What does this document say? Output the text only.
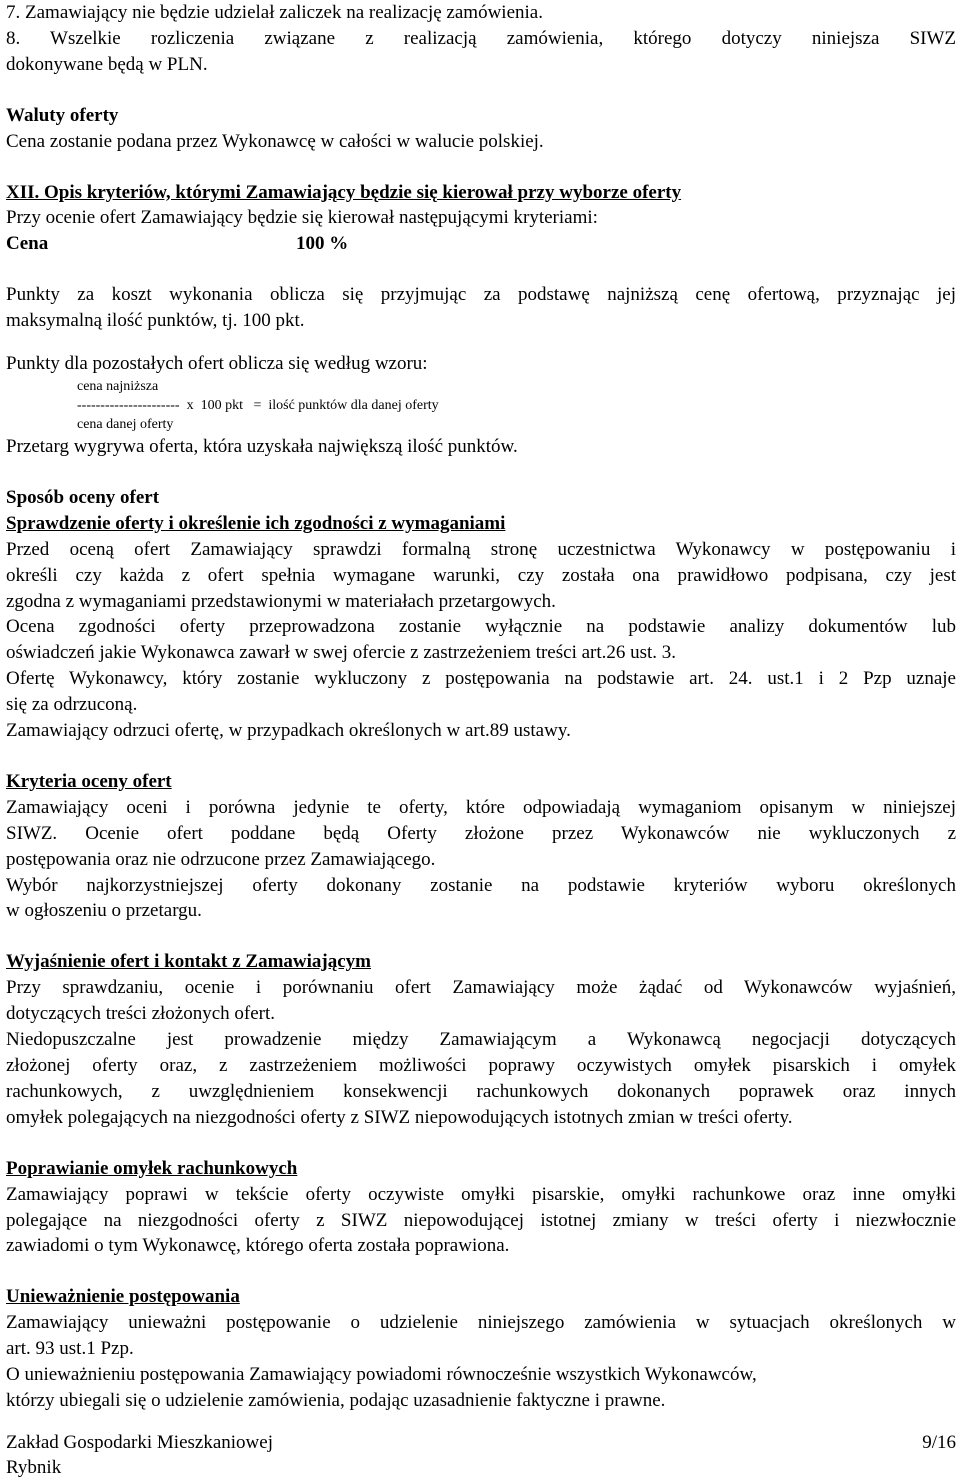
7. Zamawiający nie będzie udzielał zaliczek na realizację zamówienia.

8. Wszelkie rozliczenia związane z realizacją zamówienia, którego dotyczy niniejsza SIWZ

dokonywane będą w PLN.

Waluty oferty

Cena zostanie podana przez Wykonawcę w całości w walucie polskiej.

XII. Opis kryteriów, którymi Zamawiający będzie się kierował przy wyborze oferty

Przy ocenie ofert Zamawiający będzie się kierował następującymi kryteriami:

Cena	100 %

Punkty za koszt wykonania oblicza się przyjmując za podstawę najniższą cenę ofertową, przyznając jej

maksymalną ilość punktów, tj. 100 pkt.

Punkty dla pozostałych ofert oblicza się według wzoru:

cena najniższa
----------------------  x  100 pkt   =  ilość punktów dla danej oferty
cena danej oferty

Przetarg wygrywa oferta, która uzyskała największą ilość punktów.

Sposób oceny ofert

Sprawdzenie oferty i określenie ich zgodności z wymaganiami

Przed oceną ofert Zamawiający sprawdzi formalną stronę uczestnictwa Wykonawcy w postępowaniu i

określi czy każda z ofert spełnia wymagane warunki, czy została ona prawidłowo podpisana, czy jest

zgodna z wymaganiami przedstawionymi w materiałach przetargowych.

Ocena zgodności oferty przeprowadzona zostanie wyłącznie na podstawie analizy dokumentów lub

oświadczeń jakie Wykonawca zawarł w swej ofercie z zastrzeżeniem treści art.26 ust. 3.

Ofertę Wykonawcy, który zostanie wykluczony z postępowania na podstawie art. 24. ust.1 i 2 Pzp uznaje

się za odrzuconą.

Zamawiający odrzuci ofertę, w przypadkach określonych w art.89 ustawy.

Kryteria oceny ofert

Zamawiający oceni i porówna jedynie te oferty, które odpowiadają wymaganiom opisanym w niniejszej

SIWZ. Ocenie ofert poddane będą Oferty złożone przez Wykonawców nie wykluczonych z

postępowania oraz nie odrzucone przez Zamawiającego.

Wybór najkorzystniejszej oferty dokonany zostanie na podstawie kryteriów wyboru określonych

w ogłoszeniu o przetargu.

Wyjaśnienie ofert i kontakt z Zamawiającym

Przy sprawdzaniu, ocenie i porównaniu ofert Zamawiający może żądać od Wykonawców wyjaśnień,

dotyczących treści złożonych ofert.

Niedopuszczalne jest prowadzenie między Zamawiającym a Wykonawcą negocjacji dotyczących

złożonej oferty oraz, z zastrzeżeniem możliwości poprawy oczywistych omyłek pisarskich i omyłek

rachunkowych, z uwzględnieniem konsekwencji rachunkowych dokonanych poprawek oraz innych

omyłek polegających na niezgodności oferty z SIWZ niepowodujących istotnych zmian w treści oferty.

Poprawianie omyłek rachunkowych

Zamawiający poprawi w tekście oferty oczywiste omyłki pisarskie, omyłki rachunkowe oraz inne omyłki

polegające na niezgodności oferty z SIWZ niepowodującej istotnej zmiany w treści oferty i niezwłocznie

zawiadomi o tym Wykonawcę, którego oferta została poprawiona.

Unieważnienie postępowania

Zamawiający unieważni postępowanie o udzielenie niniejszego zamówienia w sytuacjach określonych w

art. 93 ust.1 Pzp.

O unieważnieniu postępowania Zamawiający powiadomi równocześnie wszystkich Wykonawców,

którzy ubiegali się o udzielenie zamówienia, podając uzasadnienie faktyczne i prawne.

Zakład Gospodarki Mieszkaniowej
Rybnik
9/16
